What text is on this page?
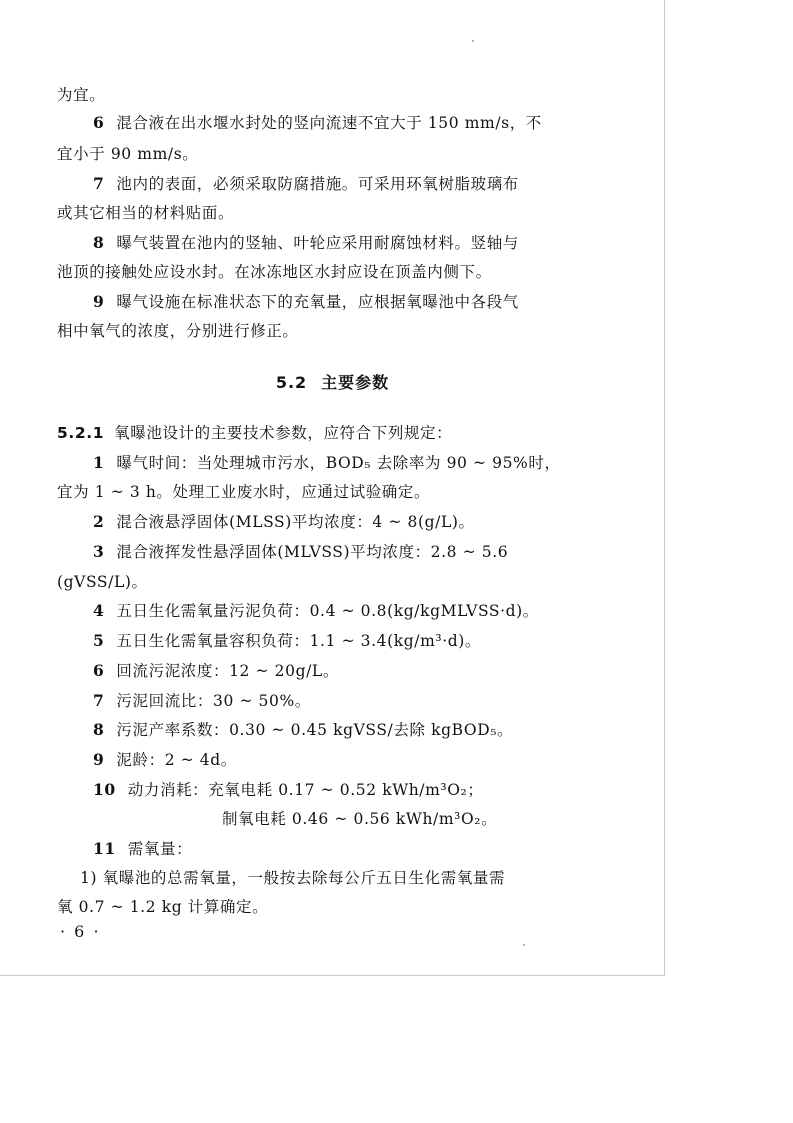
为宜。
6 混合液在出水堰水封处的竖向流速不宜大于 150 mm/s，不
宜小于 90 mm/s。
7 池内的表面，必须采取防腐措施。可采用环氧树脂玻璃布
或其它相当的材料贴面。
8 曝气装置在池内的竖轴、叶轮应采用耐腐蚀材料。竖轴与
池顶的接触处应设水封。在冰冻地区水封应设在顶盖内侧下。
9 曝气设施在标准状态下的充氧量，应根据氧曝池中各段气
相中氧气的浓度，分别进行修正。
5.2 主要参数
5.2.1 氧曝池设计的主要技术参数，应符合下列规定：
1 曝气时间：当处理城市污水，BOD₅ 去除率为 90 ~ 95%时，
宜为 1 ~ 3 h。处理工业废水时，应通过试验确定。
2 混合液悬浮固体(MLSS)平均浓度：4 ~ 8(g/L)。
3 混合液挥发性悬浮固体(MLVSS)平均浓度：2.8 ~ 5.6
(gVSS/L)。
4 五日生化需氧量污泥负荷：0.4 ~ 0.8(kg/kgMLVSS·d)。
5 五日生化需氧量容积负荷：1.1 ~ 3.4(kg/m³·d)。
6 回流污泥浓度：12 ~ 20g/L。
7 污泥回流比：30 ~ 50%。
8 污泥产率系数：0.30 ~ 0.45 kgVSS/去除 kgBOD₅。
9 泥龄：2 ~ 4d。
10 动力消耗：充氧电耗 0.17 ~ 0.52 kWh/m³O₂；
制氧电耗 0.46 ~ 0.56 kWh/m³O₂。
11 需氧量：
1) 氧曝池的总需氧量，一般按去除每公斤五日生化需氧量需
氧 0.7 ~ 1.2 kg 计算确定。
· 6 ·
